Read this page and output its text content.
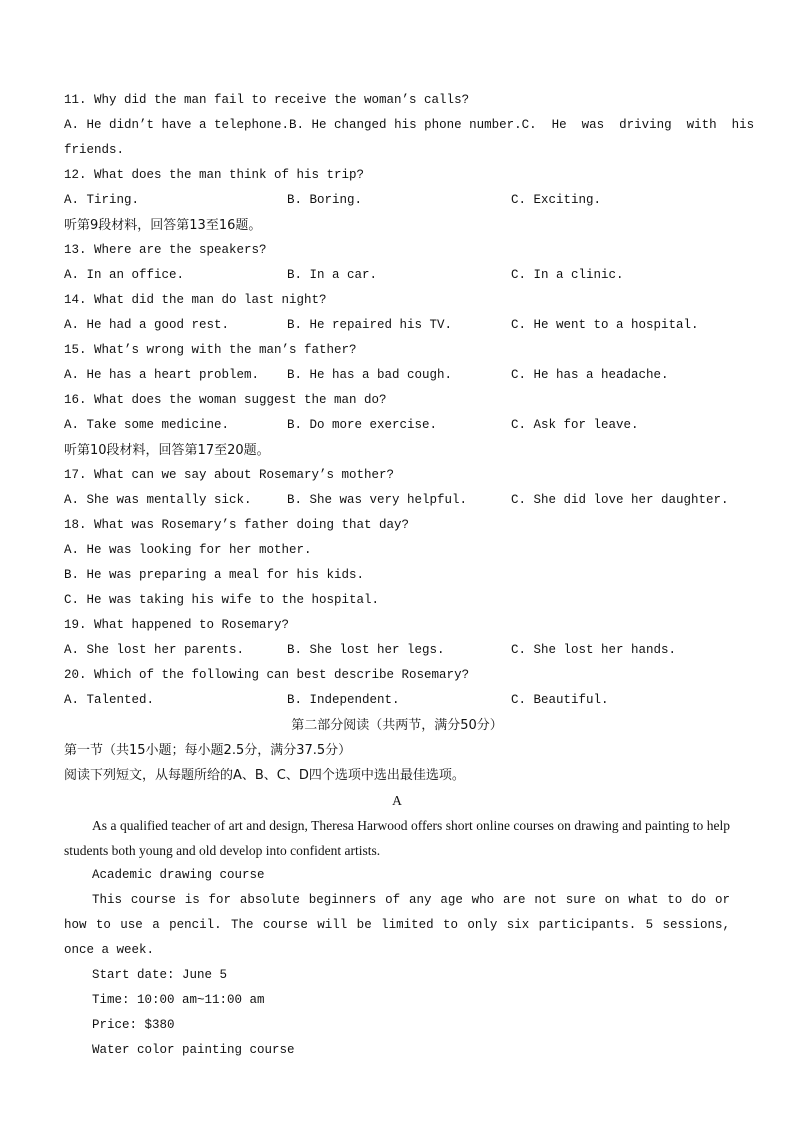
11. Why did the man fail to receive the woman’s calls?
A. He didn’t have a telephone. B. He changed his phone number. C.  He  was  driving  with  his
friends.
12. What does the man think of his trip?
A. Tiring.	B. Boring.	C. Exciting.
听第9段材料，回答第13至16题。
13. Where are the speakers?
A. In an office.	B. In a car.	C. In a clinic.
14. What did the man do last night?
A. He had a good rest.	B. He repaired his TV.	C. He went to a hospital.
15. What’s wrong with the man’s father?
A. He has a heart problem.	B. He has a bad cough.	C. He has a headache.
16. What does the woman suggest the man do?
A. Take some medicine.	B. Do more exercise.	C. Ask for leave.
听第10段材料，回答第17至20题。
17. What can we say about Rosemary’s mother?
A. She was mentally sick.	B. She was very helpful.	C. She did love her daughter.
18. What was Rosemary’s father doing that day?
A. He was looking for her mother.
B. He was preparing a meal for his kids.
C. He was taking his wife to the hospital.
19. What happened to Rosemary?
A. She lost her parents.	B. She lost her legs.	C. She lost her hands.
20. Which of the following can best describe Rosemary?
A. Talented.	B. Independent.	C. Beautiful.
第二部分阅读（共两节，满分50分）
第一节（共15小题；每小题2.5分，满分37.5分）
阅读下列短文，从每题所给的A、B、C、D四个选项中选出最佳选项。
A
As a qualified teacher of art and design, Theresa Harwood offers short online courses on drawing and painting to help students both young and old develop into confident artists.
Academic drawing course
This course is for absolute beginners of any age who are not sure on what to do or how to use a pencil. The course will be limited to only six participants. 5 sessions, once a week.
Start date: June 5
Time: 10:00 am~11:00 am
Price: $380
Water color painting course
